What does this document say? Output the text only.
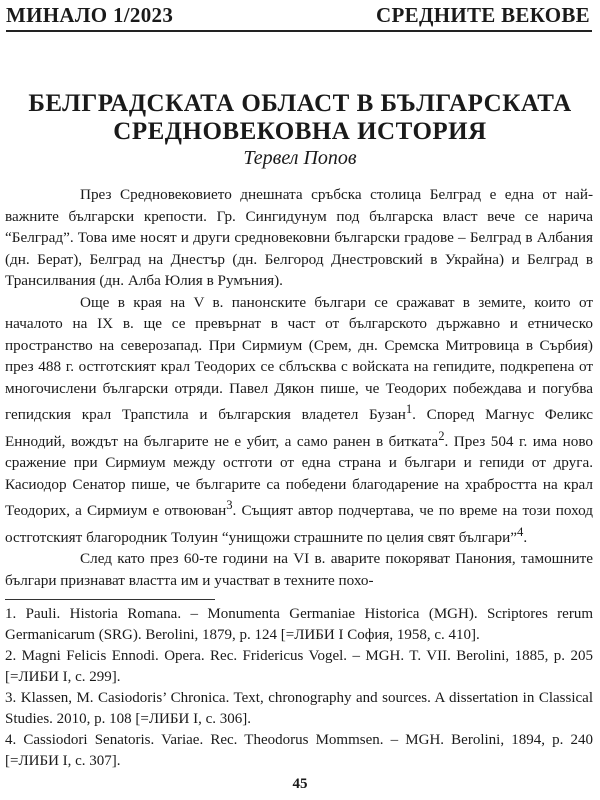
МИНАЛО 1/2023	СРЕДНИТЕ ВЕКОВЕ
БЕЛГРАДСКАТА ОБЛАСТ В БЪЛГАРСКАТА
СРЕДНОВЕКОВНА ИСТОРИЯ

Тервел Попов

През Средновековието днешната сръбска столица Белград е една от най-важните български крепости. Гр. Сингидунум под българска власт вече се нарича “Белград”. Това име носят и други средновековни български градове – Белград в Албания (дн. Берат), Белград на Днестър (дн. Белгород Днестровский в Украйна) и Белград в Трансилвания (дн. Алба Юлия в Румъния).

Още в края на V в. панонските българи се сражават в земите, които от началото на IX в. ще се превърнат в част от българското държавно и етническо пространство на северозапад. При Сирмиум (Срем, дн. Сремска Митровица в Сърбия) през 488 г. остготският крал Теодорих се сблъсква с войската на гепидите, подкрепена от многочислени български отряди. Павел Дякон пише, че Теодорих побеждава и погубва гепидския крал Трапстила и българския владетел Бузан$^1$. Според Магнус Феликс Еннодий, вождът на българите не е убит, а само ранен в битката$^2$. През 504 г. има ново сражение при Сирмиум между остготи от една страна и българи и гепиди от друга. Касиодор Сенатор пише, че българите са победени благодарение на храбростта на крал Теодорих, а Сирмиум е отвоюван$^3$. Същият автор подчертава, че по време на този поход остготският благородник Толуин “унищожи страшните по целия свят българи”$^4$.

След като през 60-те години на VI в. аварите покоряват Панония, тамошните българи признават властта им и участват в техните похо-

1. Pauli. Historia Romana. – Monumenta Germaniae Historica (MGH). Scriptores rerum Germanicarum (SRG). Berolini, 1879, p. 124 [=ЛИБИ I София, 1958, с. 410].
2. Magni Felicis Ennodi. Opera. Rec. Fridericus Vogel. – MGH. T. VII. Berolini, 1885, p. 205 [=ЛИБИ I, с. 299].
3. Klassen, M. Casiodoris’ Chronica. Text, chronography and sources. A dissertation in Classical Studies. 2010, p. 108 [=ЛИБИ I, с. 306].
4. Cassiodori Senatoris. Variae. Rec. Theodorus Mommsen. – MGH. Berolini, 1894, p. 240 [=ЛИБИ I, с. 307].
45
